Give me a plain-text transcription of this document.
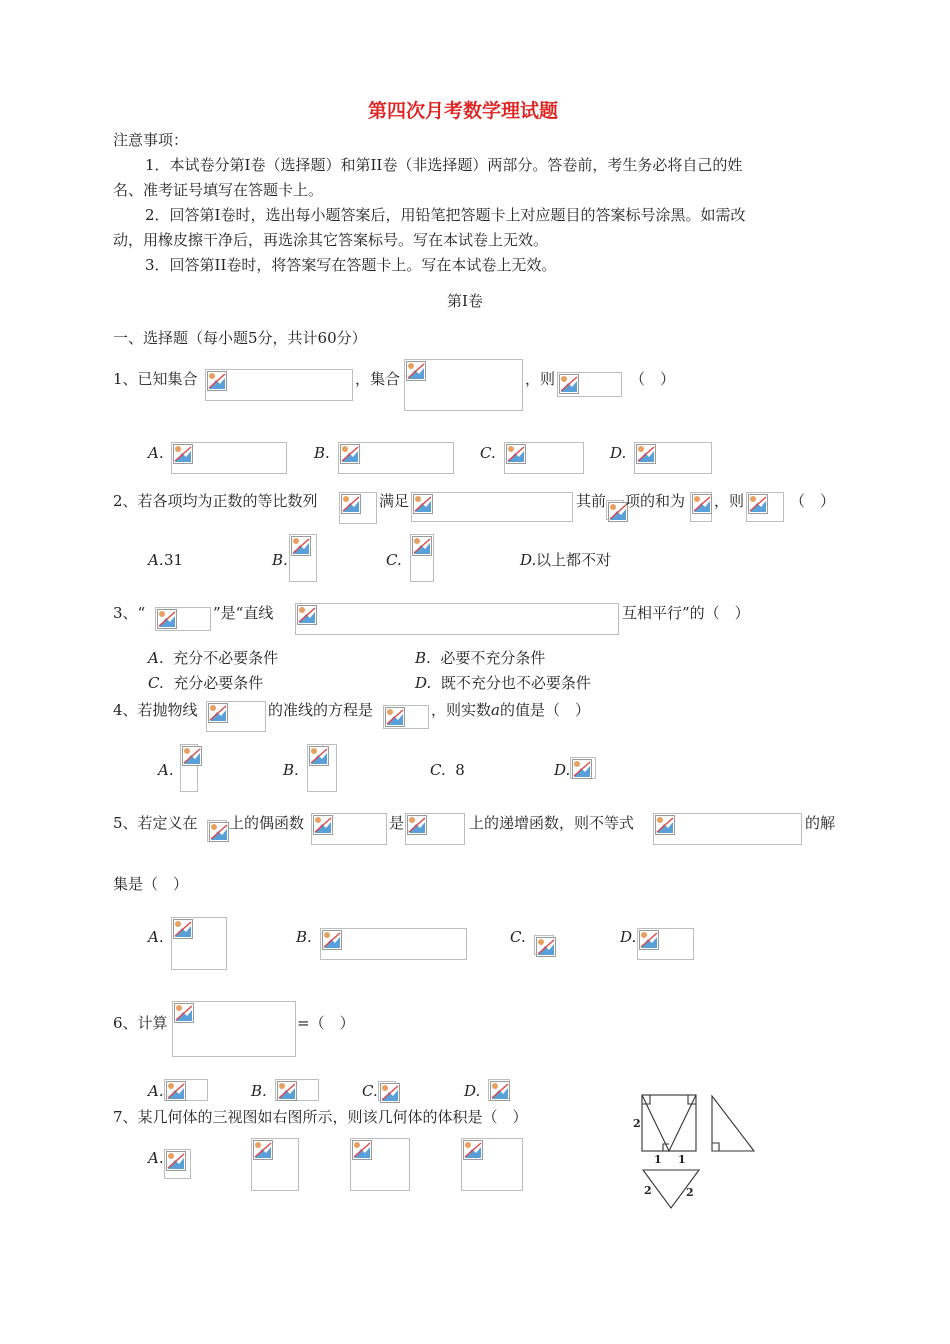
第四次月考数学理试题
注意事项：
1．本试卷分第Ⅰ卷（选择题）和第II卷（非选择题）两部分。答卷前，考生务必将自己的姓
名、准考证号填写在答题卡上。
2．回答第Ⅰ卷时，选出每小题答案后，用铅笔把答题卡上对应题目的答案标号涂黑。如需改
动，用橡皮擦干净后，再选涂其它答案标号。写在本试卷上无效。
3．回答第II卷时，将答案写在答题卡上。写在本试卷上无效。
第Ⅰ卷
一、选择题（每小题5分，共计60分）
1、已知集合	，集合	，则	（　）
A.	B.	C.	D.
2、若各项均为正数的等比数列	满足	其前 项的和为 ，则	（　）
A. 31	B.	C.	D. 以上都不对
3、“	”是“直线	互相平行”的（　）
A. 充分不必要条件	B. 必要不充分条件
C. 充分必要条件	D. 既不充分也不必要条件
4、若抛物线	的准线的方程是	，则实数a的值是（　）
A.	B.	C. 8	D.
5、若定义在 上的偶函数	是	上的递增函数，则不等式	的解
集是（　）
A.	B.	C.	D.
6、计算	=（　）
A.	B.	C.	D.
7、某几何体的三视图如右图所示，则该几何体的体积是（　）
A.
2
1 1
2	2
